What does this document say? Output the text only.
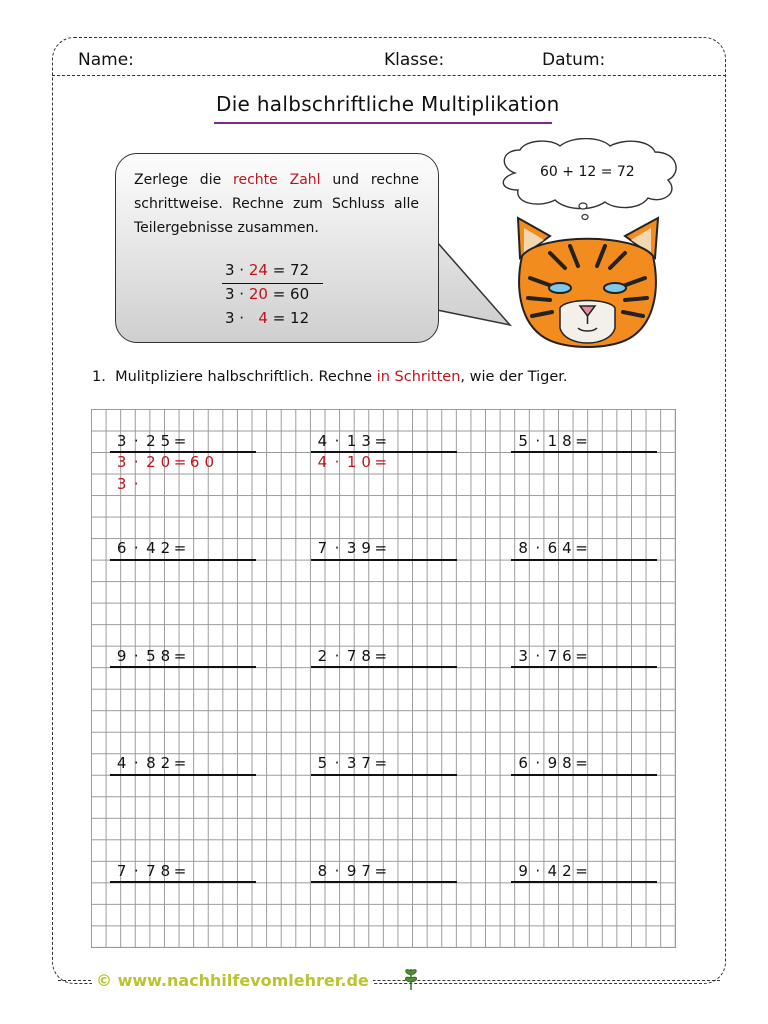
Name:	Klasse:	Datum:
Die halbschriftliche Multiplikation
Zerlege die rechte Zahl und rechne schrittweise. Rechne zum Schluss alle Teilergebnisse zusammen.
3 · 24 = 72
3 · 20 = 60
3 ·   4 = 12
60 + 12 = 72
1. Mulitpliziere halbschriftlich. Rechne in Schritten, wie der Tiger.
3 · 2 5 =	4 · 1 3 =	5 · 1 8 =
6 · 4 2 =	7 · 3 9 =	8 · 6 4 =
9 · 5 8 =	2 · 7 8 =	3 · 7 6 =
4 · 8 2 =	5 · 3 7 =	6 · 9 8 =
7 · 7 8 =	8 · 9 7 =	9 · 4 2 =
3 · 2 0 = 6 0
3 ·
4 · 1 0 =
© www.nachhilfevomlehrer.de
